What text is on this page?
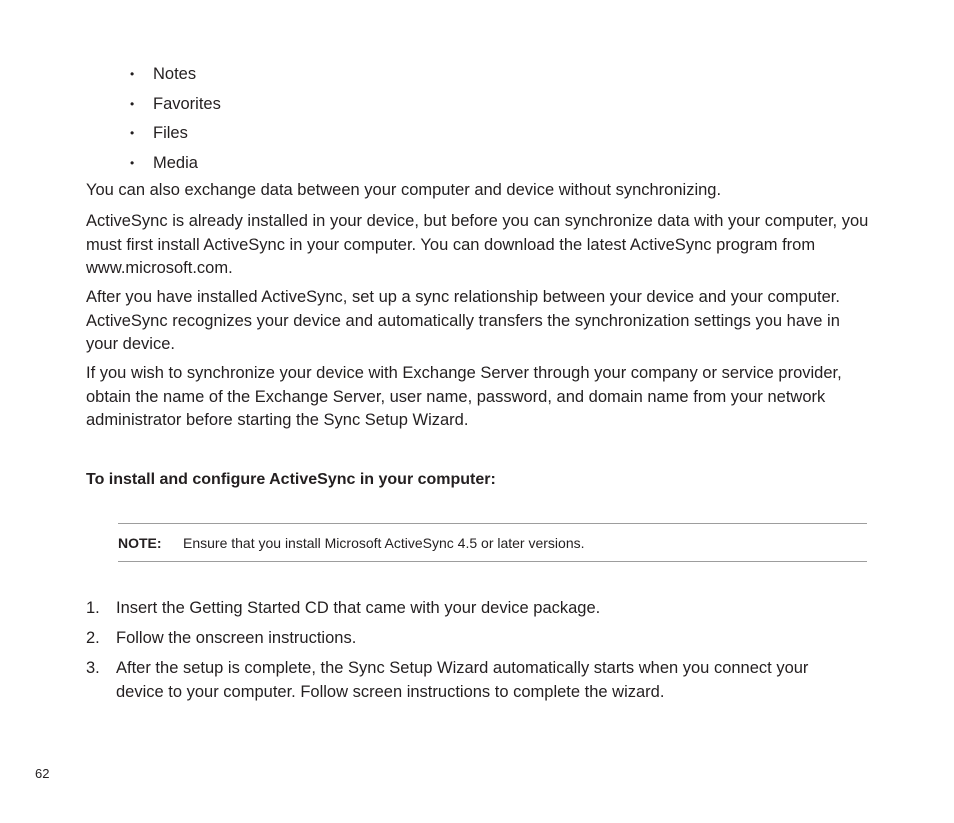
• Notes
• Favorites
• Files
• Media

You can also exchange data between your computer and device without synchronizing.

ActiveSync is already installed in your device, but before you can synchronize data with your computer, you must first install ActiveSync in your computer. You can download the latest ActiveSync program from www.microsoft.com.

After you have installed ActiveSync, set up a sync relationship between your device and your computer. ActiveSync recognizes your device and automatically transfers the synchronization settings you have in your device.

If you wish to synchronize your device with Exchange Server through your company or service provider, obtain the name of the Exchange Server, user name, password, and domain name from your network administrator before starting the Sync Setup Wizard.

To install and configure ActiveSync in your computer:
NOTE: Ensure that you install Microsoft ActiveSync 4.5 or later versions.
1. Insert the Getting Started CD that came with your device package.
2. Follow the onscreen instructions.
3. After the setup is complete, the Sync Setup Wizard automatically starts when you connect your device to your computer. Follow screen instructions to complete the wizard.
62
